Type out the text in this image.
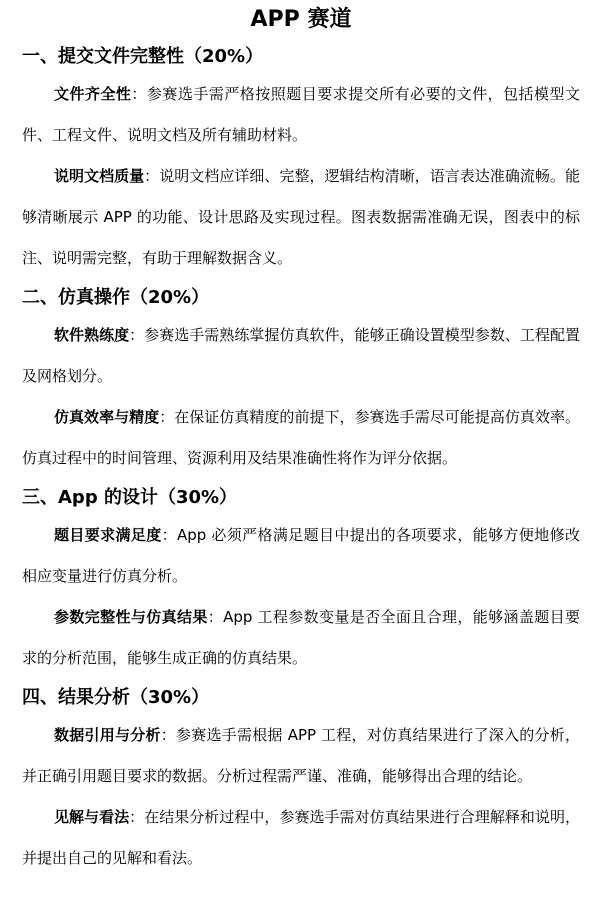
APP 赛道
一、提交文件完整性（20%）

文件齐全性：参赛选手需严格按照题目要求提交所有必要的文件，包括模型文件、工程文件、说明文档及所有辅助材料。

说明文档质量：说明文档应详细、完整，逻辑结构清晰，语言表达准确流畅。能够清晰展示 APP 的功能、设计思路及实现过程。图表数据需准确无误，图表中的标注、说明需完整，有助于理解数据含义。

二、仿真操作（20%）

软件熟练度：参赛选手需熟练掌握仿真软件，能够正确设置模型参数、工程配置及网格划分。

仿真效率与精度：在保证仿真精度的前提下，参赛选手需尽可能提高仿真效率。仿真过程中的时间管理、资源利用及结果准确性将作为评分依据。

三、App 的设计（30%）

题目要求满足度：App 必须严格满足题目中提出的各项要求，能够方便地修改相应变量进行仿真分析。

参数完整性与仿真结果：App 工程参数变量是否全面且合理，能够涵盖题目要求的分析范围，能够生成正确的仿真结果。

四、结果分析（30%）

数据引用与分析：参赛选手需根据 APP 工程，对仿真结果进行了深入的分析，并正确引用题目要求的数据。分析过程需严谨、准确，能够得出合理的结论。

见解与看法：在结果分析过程中，参赛选手需对仿真结果进行合理解释和说明，并提出自己的见解和看法。
